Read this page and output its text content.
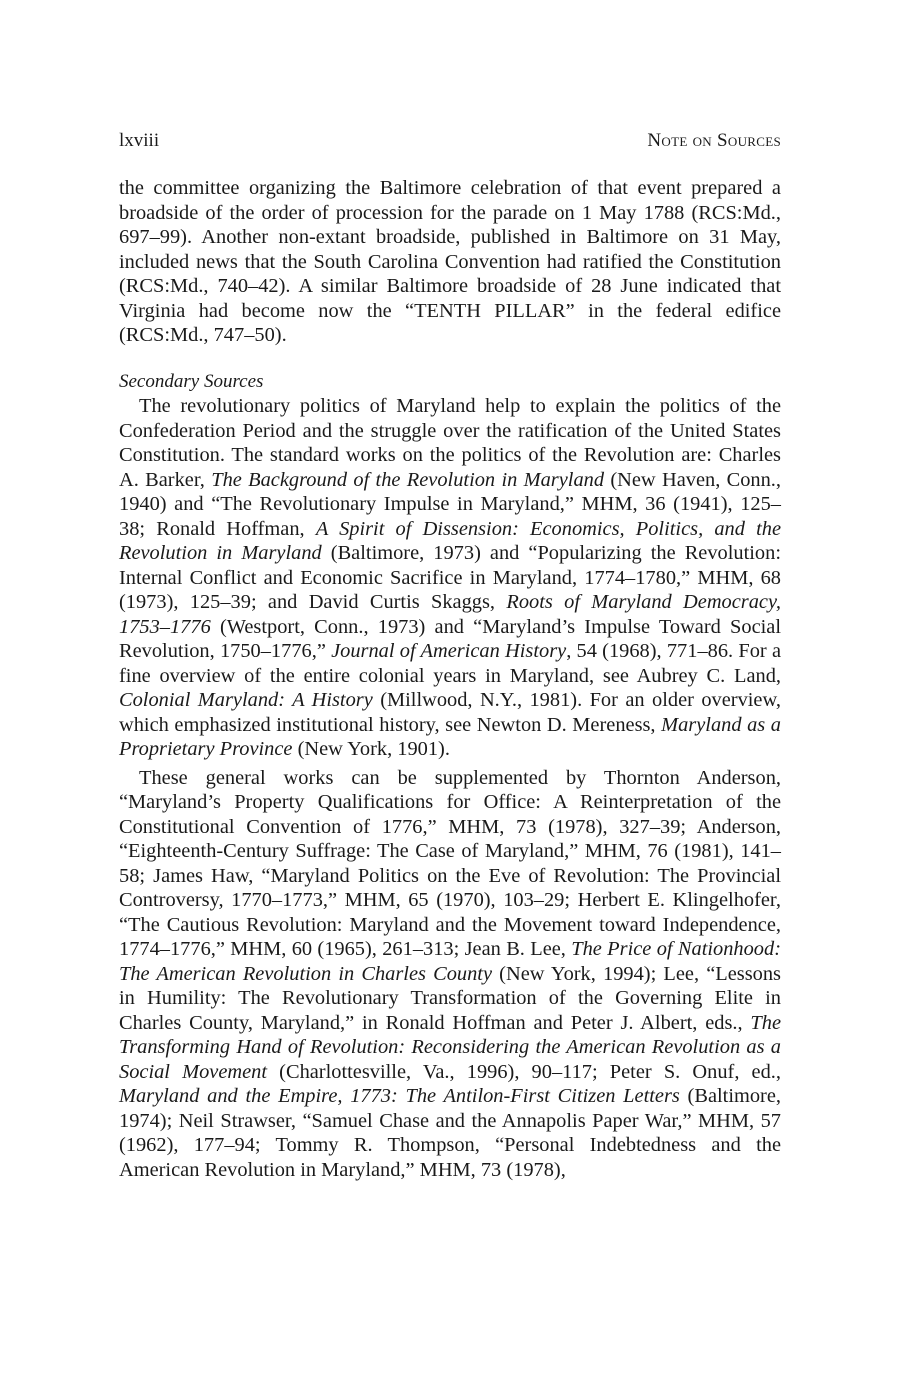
lxviii	Note on Sources

the committee organizing the Baltimore celebration of that event prepared a broadside of the order of procession for the parade on 1 May 1788 (RCS:Md., 697–99). Another non-extant broadside, published in Baltimore on 31 May, included news that the South Carolina Convention had ratified the Constitution (RCS:Md., 740–42). A similar Baltimore broadside of 28 June indicated that Virginia had become now the “TENTH PILLAR” in the federal edifice (RCS:Md., 747–50).

Secondary Sources

The revolutionary politics of Maryland help to explain the politics of the Confederation Period and the struggle over the ratification of the United States Constitution. The standard works on the politics of the Revolution are: Charles A. Barker, The Background of the Revolution in Maryland (New Haven, Conn., 1940) and “The Revolutionary Impulse in Maryland,” MHM, 36 (1941), 125–38; Ronald Hoffman, A Spirit of Dissension: Economics, Politics, and the Revolution in Maryland (Baltimore, 1973) and “Popularizing the Revolution: Internal Conflict and Economic Sacrifice in Maryland, 1774–1780,” MHM, 68 (1973), 125–39; and David Curtis Skaggs, Roots of Maryland Democracy, 1753–1776 (Westport, Conn., 1973) and “Maryland’s Impulse Toward Social Revolution, 1750–1776,” Journal of American History, 54 (1968), 771–86. For a fine overview of the entire colonial years in Maryland, see Aubrey C. Land, Colonial Maryland: A History (Millwood, N.Y., 1981). For an older overview, which emphasized institutional history, see Newton D. Mereness, Maryland as a Proprietary Province (New York, 1901).

These general works can be supplemented by Thornton Anderson, “Maryland’s Property Qualifications for Office: A Reinterpretation of the Constitutional Convention of 1776,” MHM, 73 (1978), 327–39; Anderson, “Eighteenth-Century Suffrage: The Case of Maryland,” MHM, 76 (1981), 141–58; James Haw, “Maryland Politics on the Eve of Revolution: The Provincial Controversy, 1770–1773,” MHM, 65 (1970), 103–29; Herbert E. Klingelhofer, “The Cautious Revolution: Maryland and the Movement toward Independence, 1774–1776,” MHM, 60 (1965), 261–313; Jean B. Lee, The Price of Nationhood: The American Revolution in Charles County (New York, 1994); Lee, “Lessons in Humility: The Revolutionary Transformation of the Governing Elite in Charles County, Maryland,” in Ronald Hoffman and Peter J. Albert, eds., The Transforming Hand of Revolution: Reconsidering the American Revolution as a Social Movement (Charlottesville, Va., 1996), 90–117; Peter S. Onuf, ed., Maryland and the Empire, 1773: The Antilon-First Citizen Letters (Baltimore, 1974); Neil Strawser, “Samuel Chase and the Annapolis Paper War,” MHM, 57 (1962), 177–94; Tommy R. Thompson, “Personal Indebtedness and the American Revolution in Maryland,” MHM, 73 (1978),
